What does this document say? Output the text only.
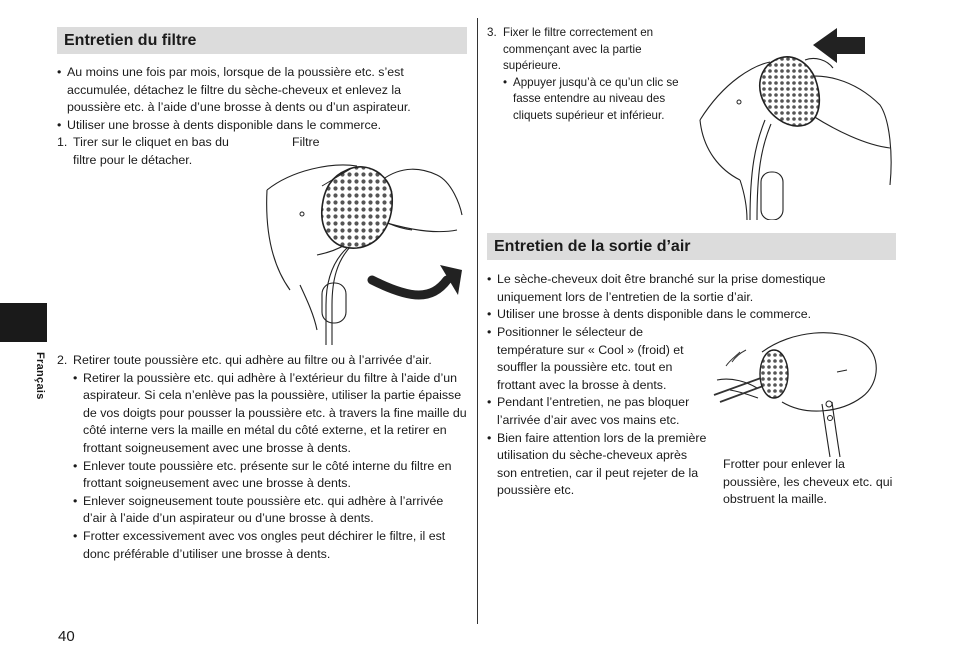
Français
40
Entretien du filtre
• Au moins une fois par mois, lorsque de la poussière etc. s’est accumulée, détachez le filtre du sèche-cheveux et enlevez la poussière etc. à l’aide d’une brosse à dents ou d’un aspirateur.
• Utiliser une brosse à dents disponible dans le commerce.
1. Tirer sur le cliquet en bas du
filtre pour le détacher.
Filtre
2. Retirer toute poussière etc. qui adhère au filtre ou à l’arrivée d’air.
• Retirer la poussière etc. qui adhère à l’extérieur du filtre à l’aide d’un aspirateur. Si cela n’enlève pas la poussière, utiliser la partie épaisse de vos doigts pour pousser la poussière etc. à travers la fine maille du côté interne vers la maille en métal du côté externe, et la retirer en frottant soigneusement avec une brosse à dents.
• Enlever toute poussière etc. présente sur le côté interne du filtre en frottant soigneusement avec une brosse à dents.
• Enlever soigneusement toute poussière etc. qui adhère à l’arrivée d’air à l’aide d’un aspirateur ou d’une brosse à dents.
• Frotter excessivement avec vos ongles peut déchirer le filtre, il est donc préférable d’utiliser une brosse à dents.
3. Fixer le filtre correctement en commençant avec la partie supérieure.
• Appuyer jusqu’à ce qu’un clic se fasse entendre au niveau des cliquets supérieur et inférieur.
Entretien de la sortie d’air
• Le sèche-cheveux doit être branché sur la prise domestique uniquement lors de l’entretien de la sortie d’air.
• Utiliser une brosse à dents disponible dans le commerce.
• Positionner le sélecteur de température sur « Cool » (froid) et souffler la poussière etc. tout en frottant avec la brosse à dents.
• Pendant l’entretien, ne pas bloquer l’arrivée d’air avec vos mains etc.
• Bien faire attention lors de la première utilisation du sèche-cheveux après son entretien, car il peut rejeter de la poussière etc.
Frotter pour enlever la poussière, les cheveux etc. qui obstruent la maille.
